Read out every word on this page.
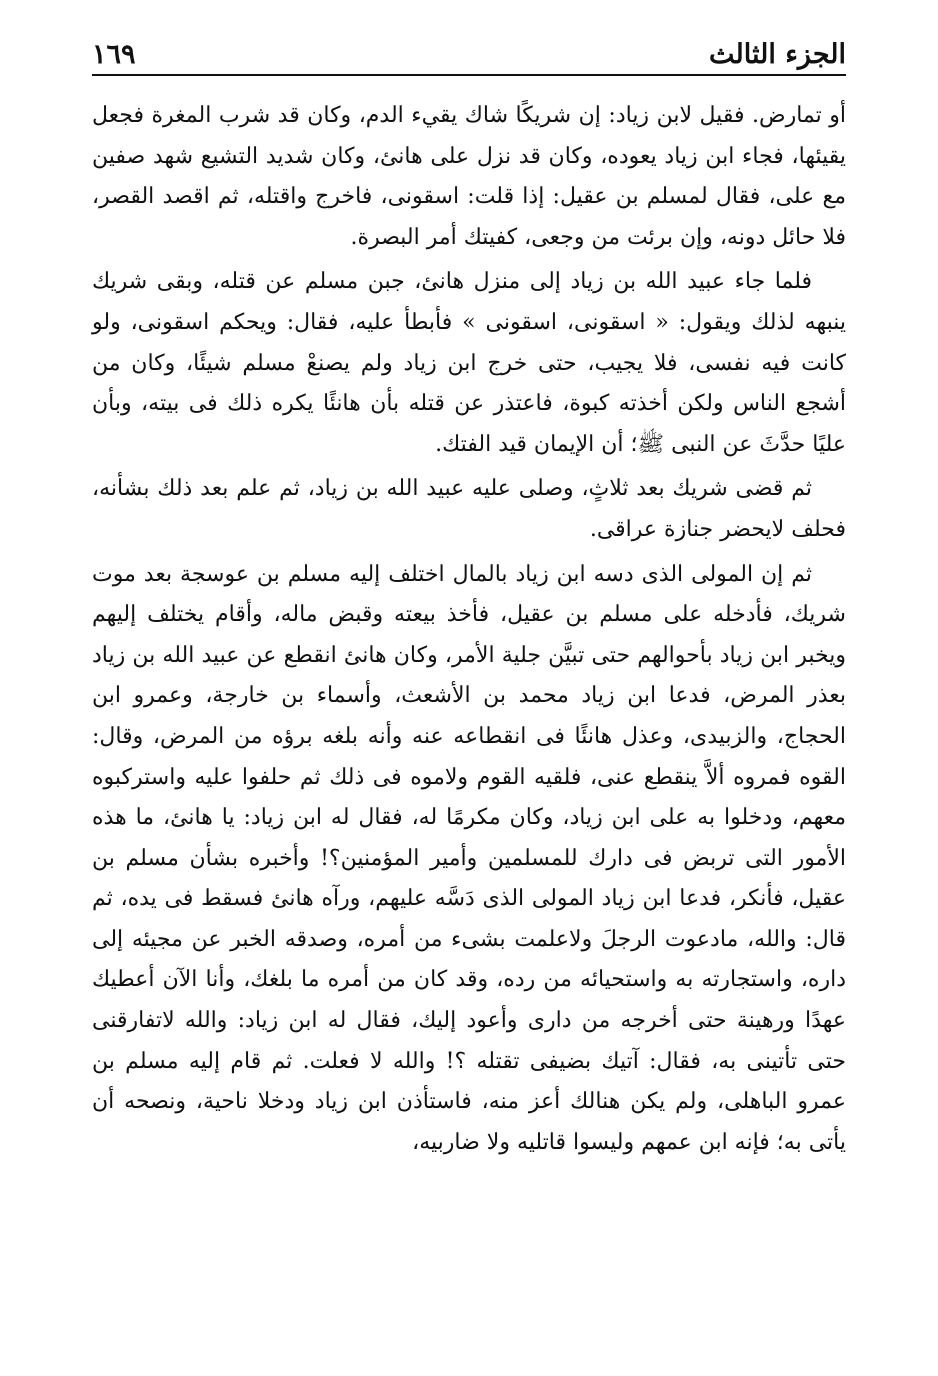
الجزء الثالث
١٦٩

أو تمارض. فقيل لابن زياد: إن شريكًا شاك يقيء الدم، وكان قد شرب المغرة فجعل يقيئها، فجاء ابن زياد يعوده، وكان قد نزل على هانئ، وكان شديد التشيع شهد صفين مع على، فقال لمسلم بن عقيل: إذا قلت: اسقونى، فاخرج واقتله، ثم اقصد القصر، فلا حائل دونه، وإن برئت من وجعى، كفيتك أمر البصرة.

فلما جاء عبيد الله بن زياد إلى منزل هانئ، جبن مسلم عن قتله، وبقى شريك ينبهه لذلك ويقول: « اسقونى، اسقونى » فأبطأ عليه، فقال: ويحكم اسقونى، ولو كانت فيه نفسى، فلا يجيب، حتى خرج ابن زياد ولم يصنعْ مسلم شيئًا، وكان من أشجع الناس ولكن أخذته كبوة، فاعتذر عن قتله بأن هانئًا يكره ذلك فى بيته، وبأن عليًا حدَّثَ عن النبى ﷺ؛ أن الإيمان قيد الفتك.

ثم قضى شريك بعد ثلاثٍ، وصلى عليه عبيد الله بن زياد، ثم علم بعد ذلك بشأنه، فحلف لايحضر جنازة عراقى.

ثم إن المولى الذى دسه ابن زياد بالمال اختلف إليه مسلم بن عوسجة بعد موت شريك، فأدخله على مسلم بن عقيل، فأخذ بيعته وقبض ماله، وأقام يختلف إليهم ويخبر ابن زياد بأحوالهم حتى تبيَّن جلية الأمر، وكان هانئ انقطع عن عبيد الله بن زياد بعذر المرض، فدعا ابن زياد محمد بن الأشعث، وأسماء بن خارجة، وعمرو ابن الحجاج، والزبيدى، وعذل هانئًا فى انقطاعه عنه وأنه بلغه برؤه من المرض، وقال: القوه فمروه ألاَّ ينقطع عنى، فلقيه القوم ولاموه فى ذلك ثم حلفوا عليه واستركبوه معهم، ودخلوا به على ابن زياد، وكان مكرمًا له، فقال له ابن زياد: يا هانئ، ما هذه الأمور التى تربض فى دارك للمسلمين وأمير المؤمنين؟! وأخبره بشأن مسلم بن عقيل، فأنكر، فدعا ابن زياد المولى الذى دَسَّه عليهم، ورآه هانئ فسقط فى يده، ثم قال: والله، مادعوت الرجلَ ولاعلمت بشىء من أمره، وصدقه الخبر عن مجيئه إلى داره، واستجارته به واستحيائه من رده، وقد كان من أمره ما بلغك، وأنا الآن أعطيك عهدًا ورهينة حتى أخرجه من دارى وأعود إليك، فقال له ابن زياد: والله لاتفارقنى حتى تأتينى به، فقال: آتيك بضيفى تقتله ؟! والله لا فعلت. ثم قام إليه مسلم بن عمرو الباهلى، ولم يكن هنالك أعز منه، فاستأذن ابن زياد ودخلا ناحية، ونصحه أن يأتى به؛ فإنه ابن عمهم وليسوا قاتليه ولا ضاربيه،
